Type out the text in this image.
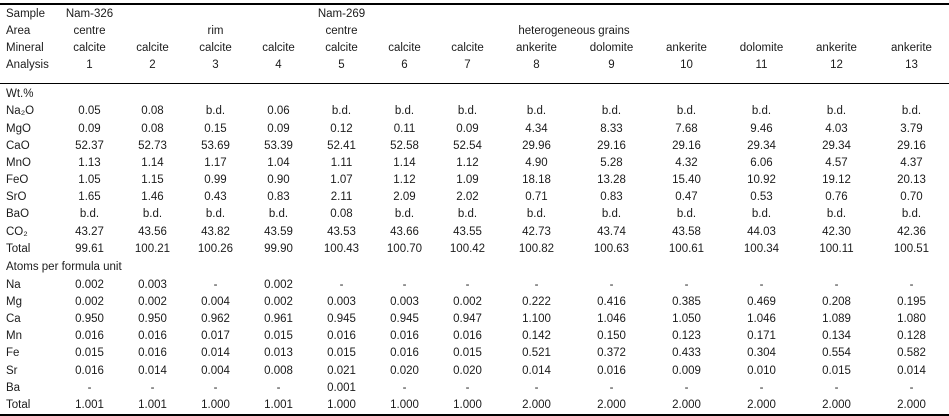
Sample	Nam-326				Nam-269								
Area	centre		rim		centre			heterogeneous grains					
Mineral	calcite	calcite	calcite	calcite	calcite	calcite	calcite	ankerite	dolomite	ankerite	dolomite	ankerite	ankerite
Analysis	1	2	3	4	5	6	7	8	9	10	11	12	13
Wt.%													
Na₂O	0.05	0.08	b.d.	0.06	b.d.	b.d.	b.d.	b.d.	b.d.	b.d.	b.d.	b.d.	b.d.
MgO	0.09	0.08	0.15	0.09	0.12	0.11	0.09	4.34	8.33	7.68	9.46	4.03	3.79
CaO	52.37	52.73	53.69	53.39	52.41	52.58	52.54	29.96	29.16	29.16	29.34	29.34	29.16
MnO	1.13	1.14	1.17	1.04	1.11	1.14	1.12	4.90	5.28	4.32	6.06	4.57	4.37
FeO	1.05	1.15	0.99	0.90	1.07	1.12	1.09	18.18	13.28	15.40	10.92	19.12	20.13
SrO	1.65	1.46	0.43	0.83	2.11	2.09	2.02	0.71	0.83	0.47	0.53	0.76	0.70
BaO	b.d.	b.d.	b.d.	b.d.	0.08	b.d.	b.d.	b.d.	b.d.	b.d.	b.d.	b.d.	b.d.
CO₂	43.27	43.56	43.82	43.59	43.53	43.66	43.55	42.73	43.74	43.58	44.03	42.30	42.36
Total	99.61	100.21	100.26	99.90	100.43	100.70	100.42	100.82	100.63	100.61	100.34	100.11	100.51
Atoms per formula unit													
Na	0.002	0.003	-	0.002	-	-	-	-	-	-	-	-	-
Mg	0.002	0.002	0.004	0.002	0.003	0.003	0.002	0.222	0.416	0.385	0.469	0.208	0.195
Ca	0.950	0.950	0.962	0.961	0.945	0.945	0.947	1.100	1.046	1.050	1.046	1.089	1.080
Mn	0.016	0.016	0.017	0.015	0.016	0.016	0.016	0.142	0.150	0.123	0.171	0.134	0.128
Fe	0.015	0.016	0.014	0.013	0.015	0.016	0.015	0.521	0.372	0.433	0.304	0.554	0.582
Sr	0.016	0.014	0.004	0.008	0.021	0.020	0.020	0.014	0.016	0.009	0.010	0.015	0.014
Ba	-	-	-	-	0.001	-	-	-	-	-	-	-	-
Total	1.001	1.001	1.000	1.001	1.000	1.000	1.000	2.000	2.000	2.000	2.000	2.000	2.000
